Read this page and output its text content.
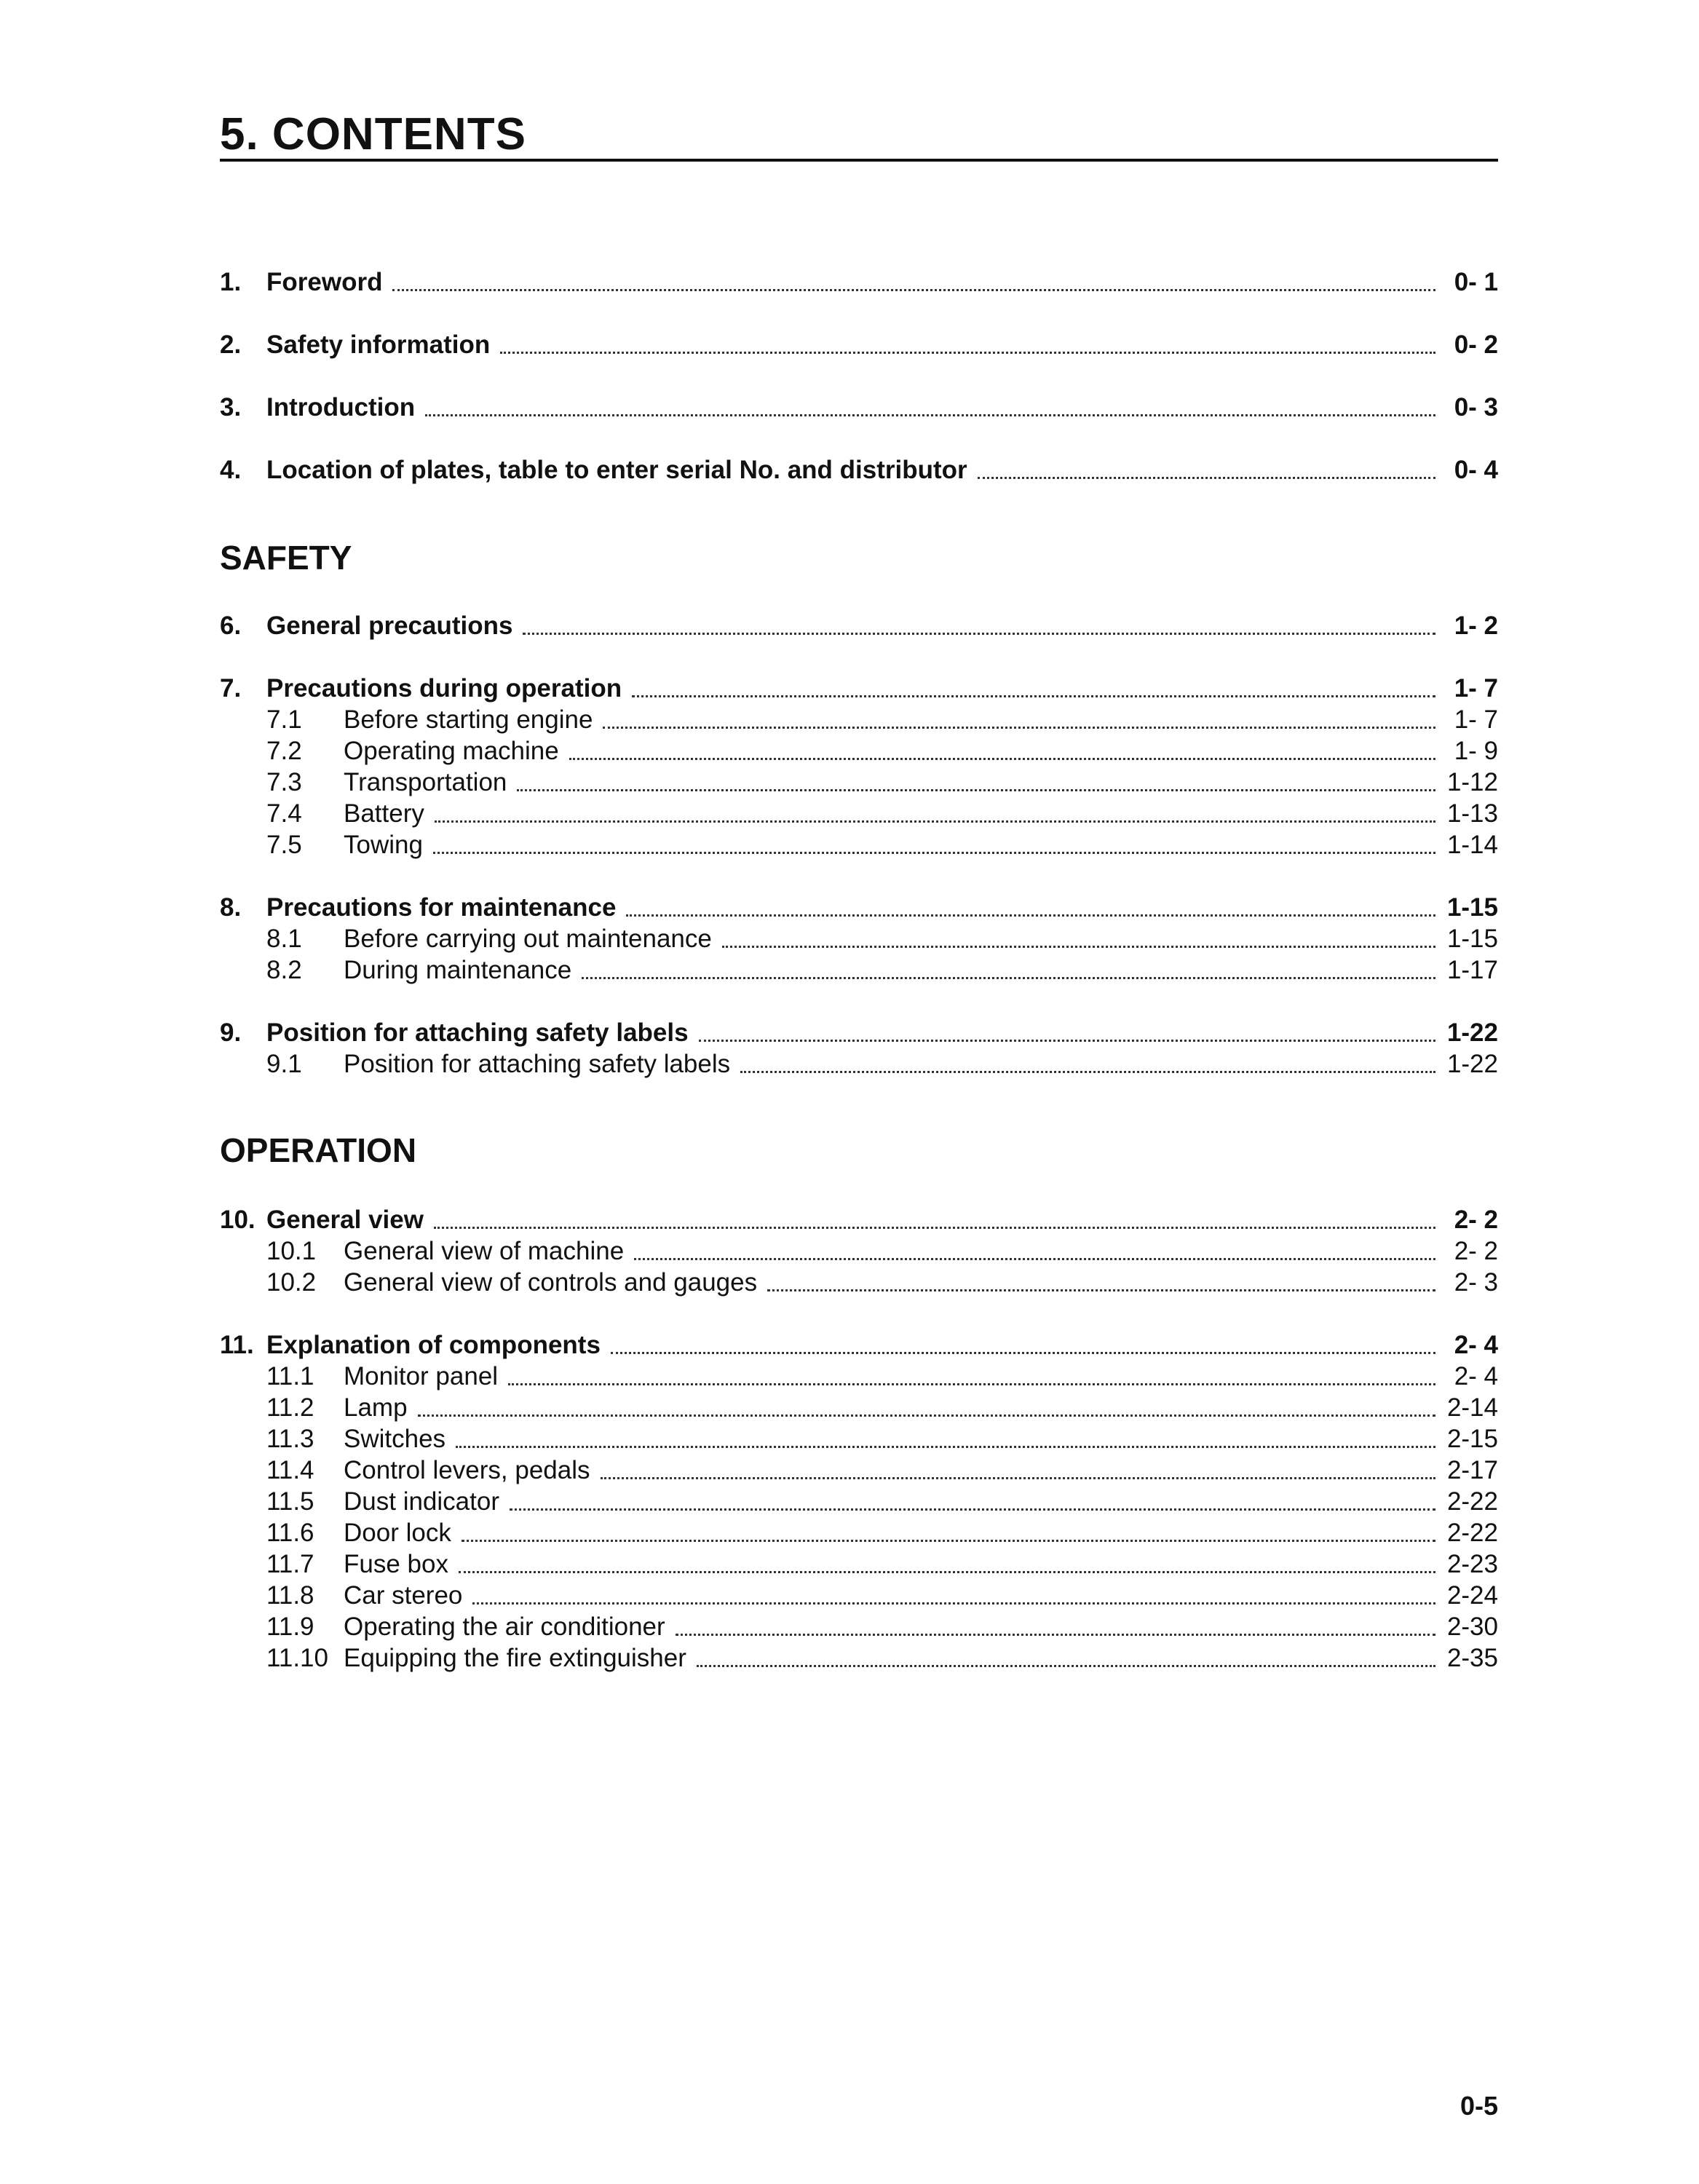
5. CONTENTS
1. Foreword	0- 1
2. Safety information	0- 2
3. Introduction	0- 3
4. Location of plates, table to enter serial No. and distributor	0- 4
SAFETY
6. General precautions	1- 2
7. Precautions during operation	1- 7
7.1	Before starting engine	1- 7
7.2	Operating machine	1- 9
7.3	Transportation	1-12
7.4	Battery	1-13
7.5	Towing	1-14
8. Precautions for maintenance	1-15
8.1	Before carrying out maintenance	1-15
8.2	During maintenance	1-17
9. Position for attaching safety labels	1-22
9.1	Position for attaching safety labels	1-22
OPERATION
10. General view	2- 2
10.1	General view of machine	2- 2
10.2	General view of controls and gauges	2- 3
11. Explanation of components	2- 4
11.1	Monitor panel	2- 4
11.2	Lamp	2-14
11.3	Switches	2-15
11.4	Control levers, pedals	2-17
11.5	Dust indicator	2-22
11.6	Door lock	2-22
11.7	Fuse box	2-23
11.8	Car stereo	2-24
11.9	Operating the air conditioner	2-30
11.10 Equipping the fire extinguisher	2-35
0-5
